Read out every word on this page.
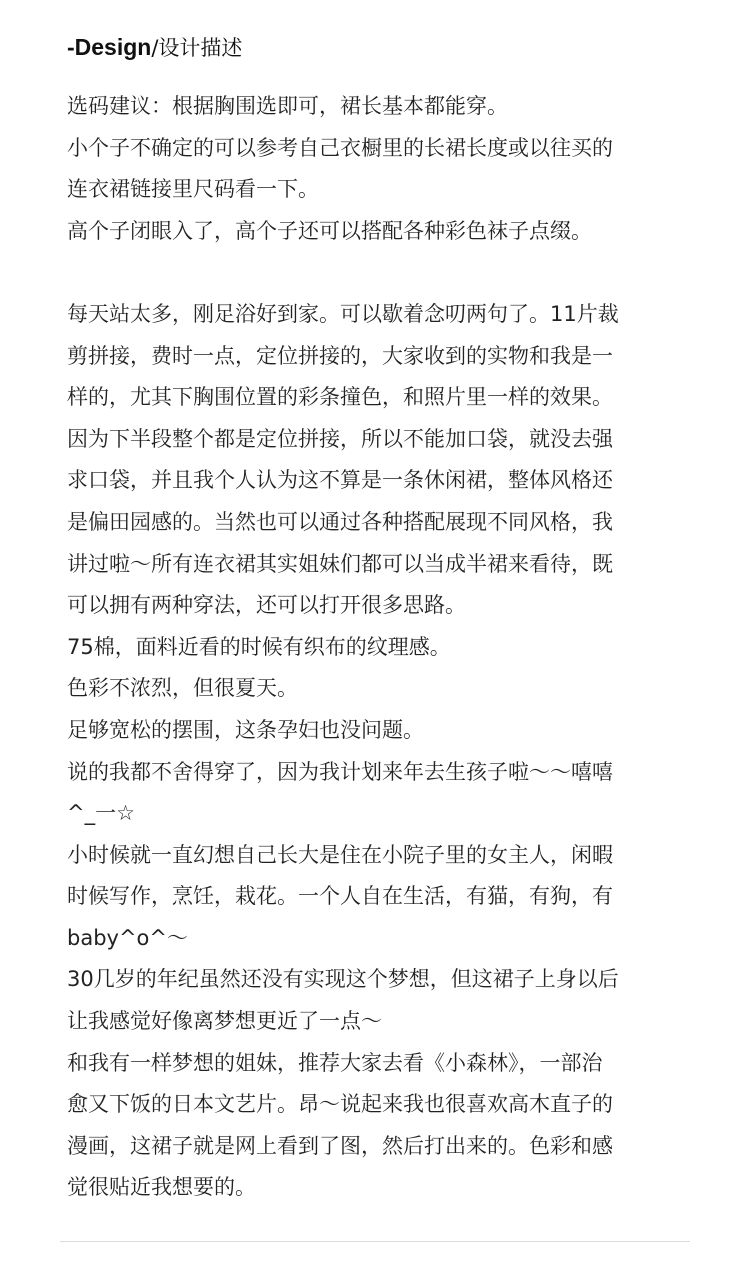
-Design/设计描述

选码建议：根据胸围选即可，裙长基本都能穿。

小个子不确定的可以参考自己衣橱里的长裙长度或以往买的

连衣裙链接里尺码看一下。

高个子闭眼入了，高个子还可以搭配各种彩色袜子点缀。

每天站太多，刚足浴好到家。可以歇着念叨两句了。11片裁

剪拼接，费时一点，定位拼接的，大家收到的实物和我是一

样的，尤其下胸围位置的彩条撞色，和照片里一样的效果。

因为下半段整个都是定位拼接，所以不能加口袋，就没去强

求口袋，并且我个人认为这不算是一条休闲裙，整体风格还

是偏田园感的。当然也可以通过各种搭配展现不同风格，我

讲过啦～所有连衣裙其实姐妹们都可以当成半裙来看待，既

可以拥有两种穿法，还可以打开很多思路。

75棉，面料近看的时候有织布的纹理感。

色彩不浓烈，但很夏天。

足够宽松的摆围，这条孕妇也没问题。

说的我都不舍得穿了，因为我计划来年去生孩子啦～～嘻嘻

^_一☆

小时候就一直幻想自己长大是住在小院子里的女主人，闲暇

时候写作，烹饪，栽花。一个人自在生活，有猫，有狗，有

baby^o^～

30几岁的年纪虽然还没有实现这个梦想，但这裙子上身以后

让我感觉好像离梦想更近了一点～

和我有一样梦想的姐妹，推荐大家去看《小森林》，一部治

愈又下饭的日本文艺片。昂～说起来我也很喜欢高木直子的

漫画，这裙子就是网上看到了图，然后打出来的。色彩和感

觉很贴近我想要的。
